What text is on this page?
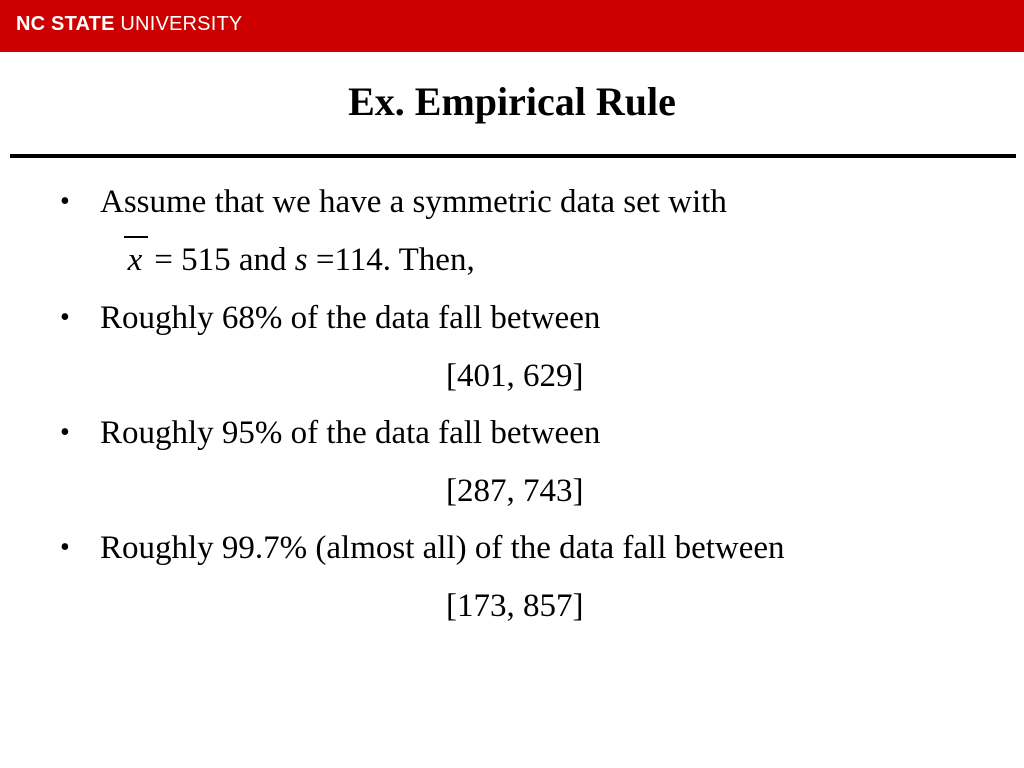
NC STATE UNIVERSITY
Ex. Empirical Rule
• Assume that we have a symmetric data set with
x = 515 and s =114. Then,
• Roughly 68% of the data fall between
[401, 629]
• Roughly 95% of the data fall between
[287, 743]
• Roughly 99.7% (almost all) of the data fall between
[173, 857]
